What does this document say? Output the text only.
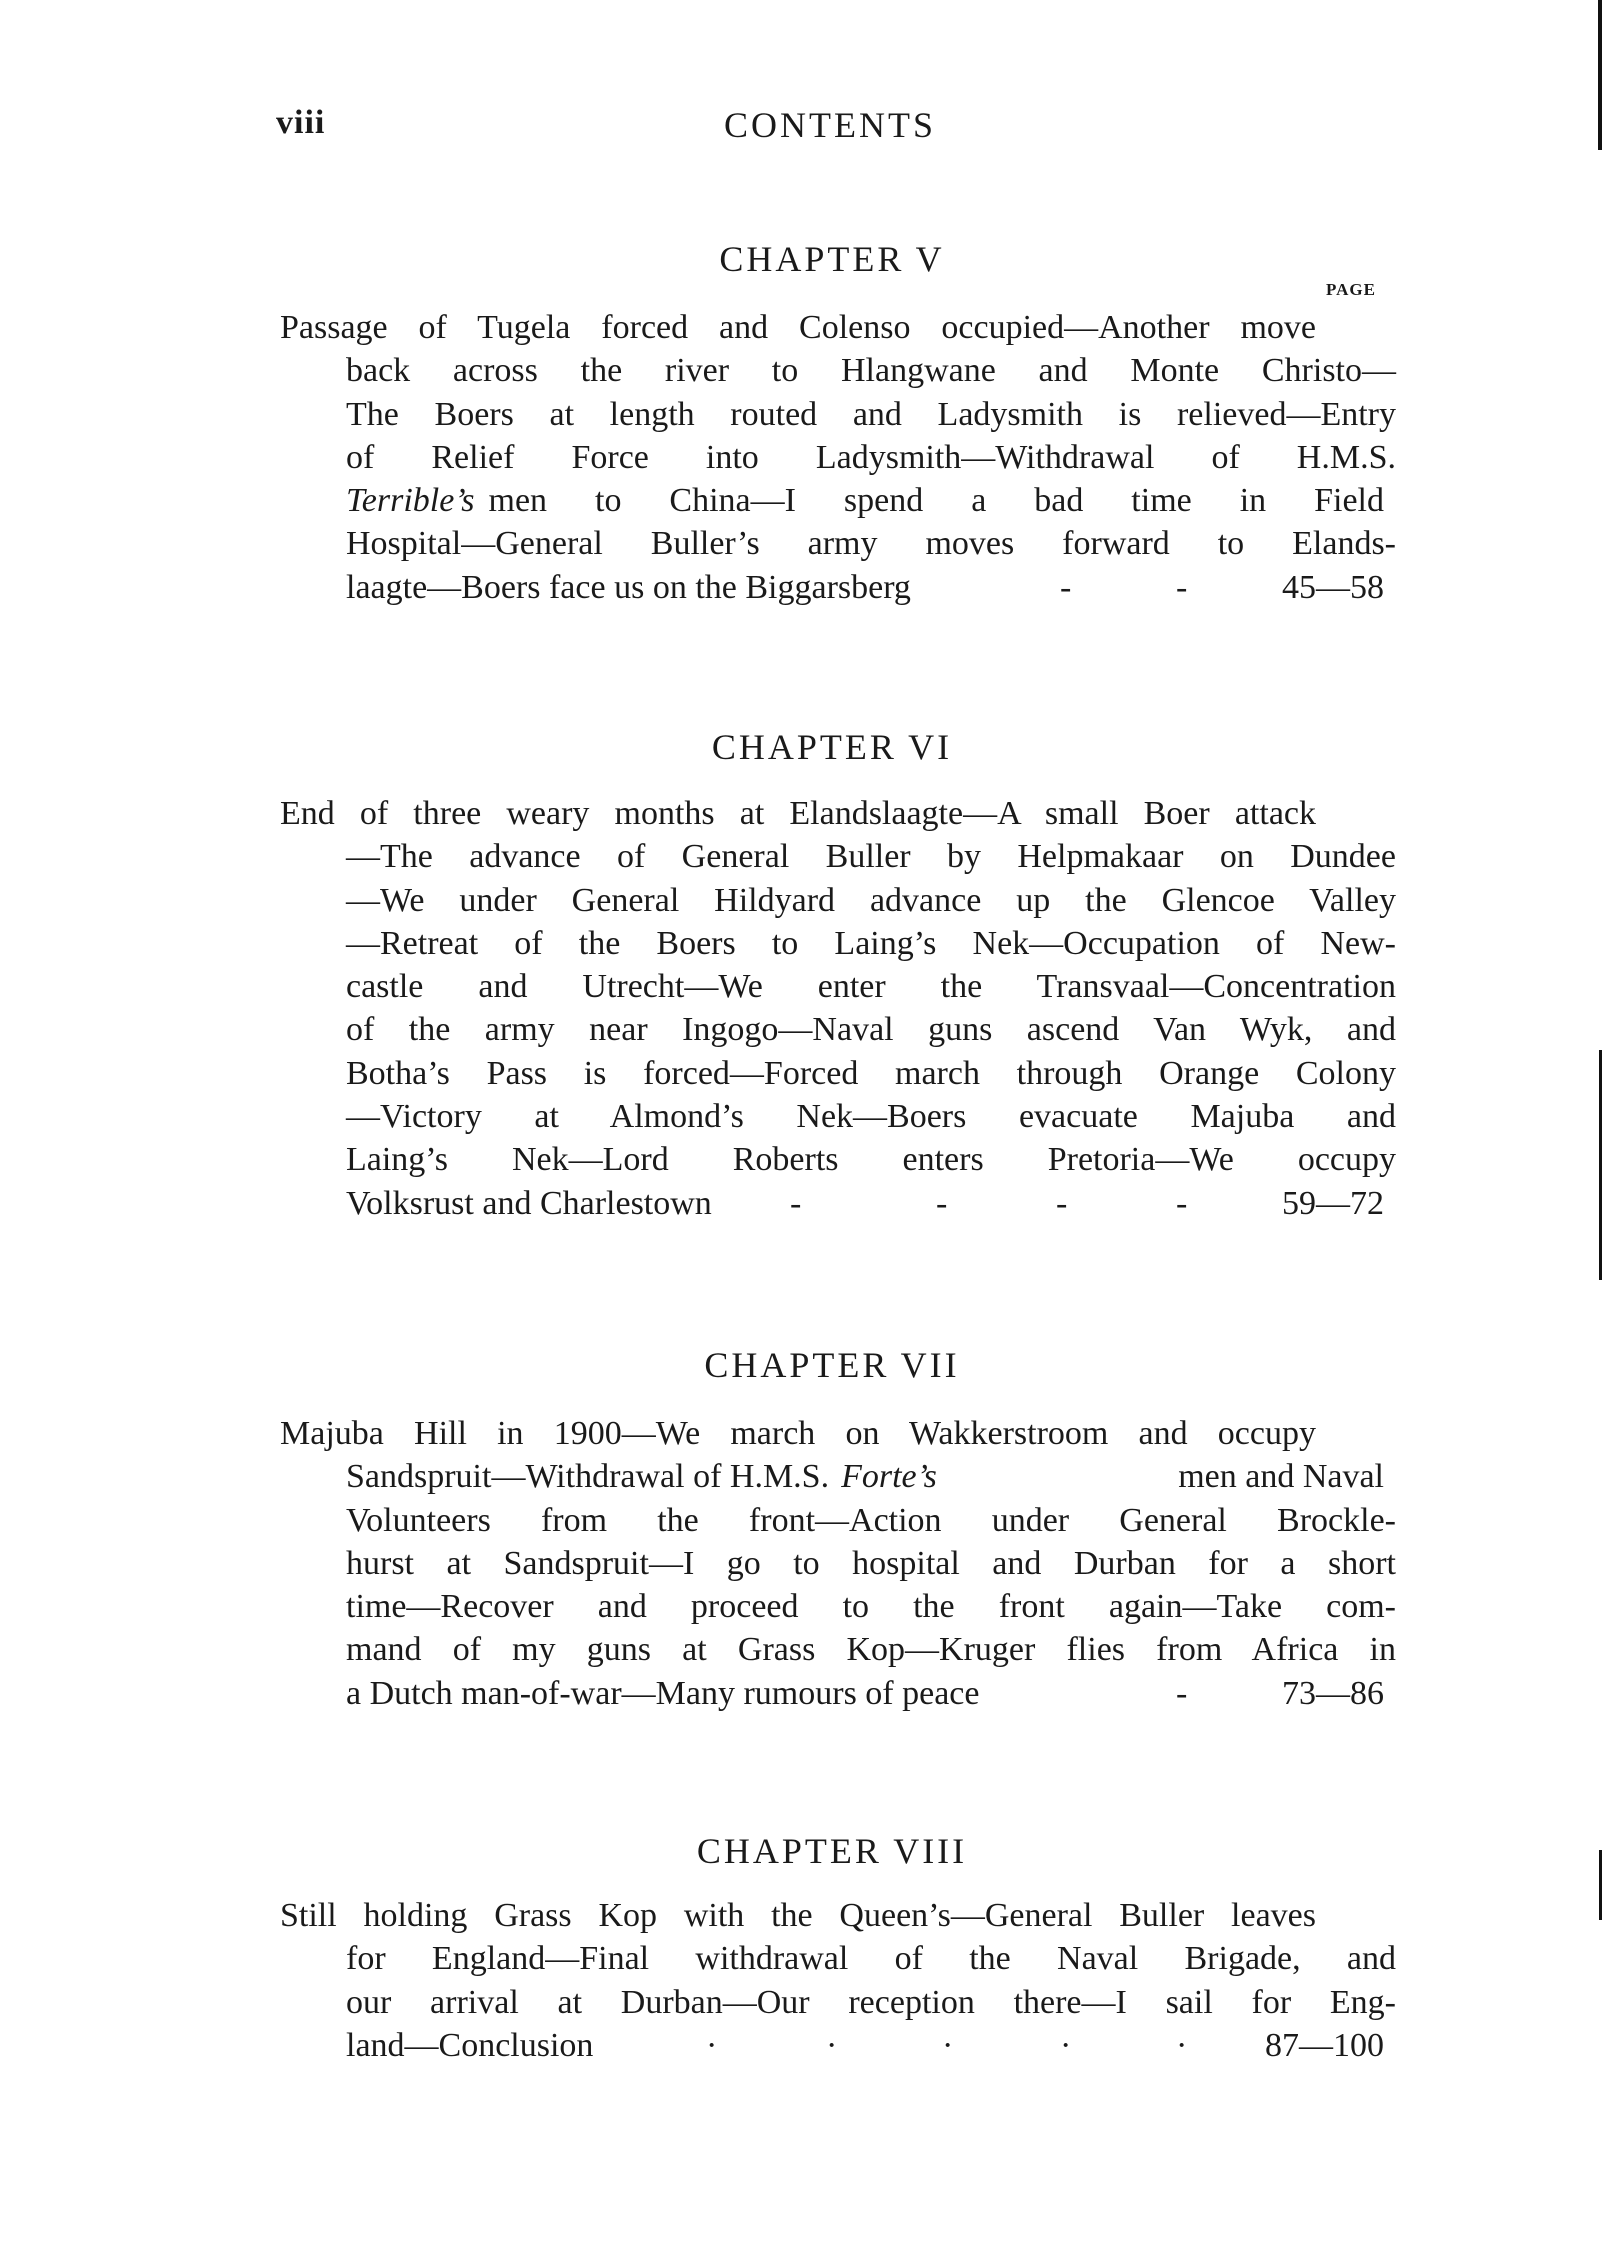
viii	CONTENTS
PAGE
CHAPTER V
Passage of Tugela forced and Colenso occupied—Another move
back across the river to Hlangwane and Monte Christo—
The Boers at length routed and Ladysmith is relieved—Entry
of Relief Force into Ladysmith—Withdrawal of H.M.S.
Terrible’s men to China—I spend a bad time in Field
Hospital—General Buller’s army moves forward to Elands-
laagte—Boers face us on the Biggarsberg	-	-	45—58
CHAPTER VI
End of three weary months at Elandslaagte—A small Boer attack
—The advance of General Buller by Helpmakaar on Dundee
—We under General Hildyard advance up the Glencoe Valley
—Retreat of the Boers to Laing’s Nek—Occupation of New-
castle and Utrecht—We enter the Transvaal—Concentration
of the army near Ingogo—Naval guns ascend Van Wyk, and
Botha’s Pass is forced—Forced march through Orange Colony
—Victory at Almond’s Nek—Boers evacuate Majuba and
Laing’s Nek—Lord Roberts enters Pretoria—We occupy
Volksrust and Charlestown -	-	-	-	59—72
CHAPTER VII
Majuba Hill in 1900—We march on Wakkerstroom and occupy
Sandspruit—Withdrawal of H.M.S. Forte’s	men and Naval
Volunteers from the front—Action under General Brockle-
hurst at Sandspruit—I go to hospital and Durban for a short
time—Recover and proceed to the front again—Take com-
mand of my guns at Grass Kop—Kruger flies from Africa in
a Dutch man-of-war—Many rumours of peace	-	73—86
CHAPTER VIII
Still holding Grass Kop with the Queen’s—General Buller leaves
for England—Final withdrawal of the Naval Brigade, and
our arrival at Durban—Our reception there—I sail for Eng-
land—Conclusion	·	·	·	·	· 87—100
